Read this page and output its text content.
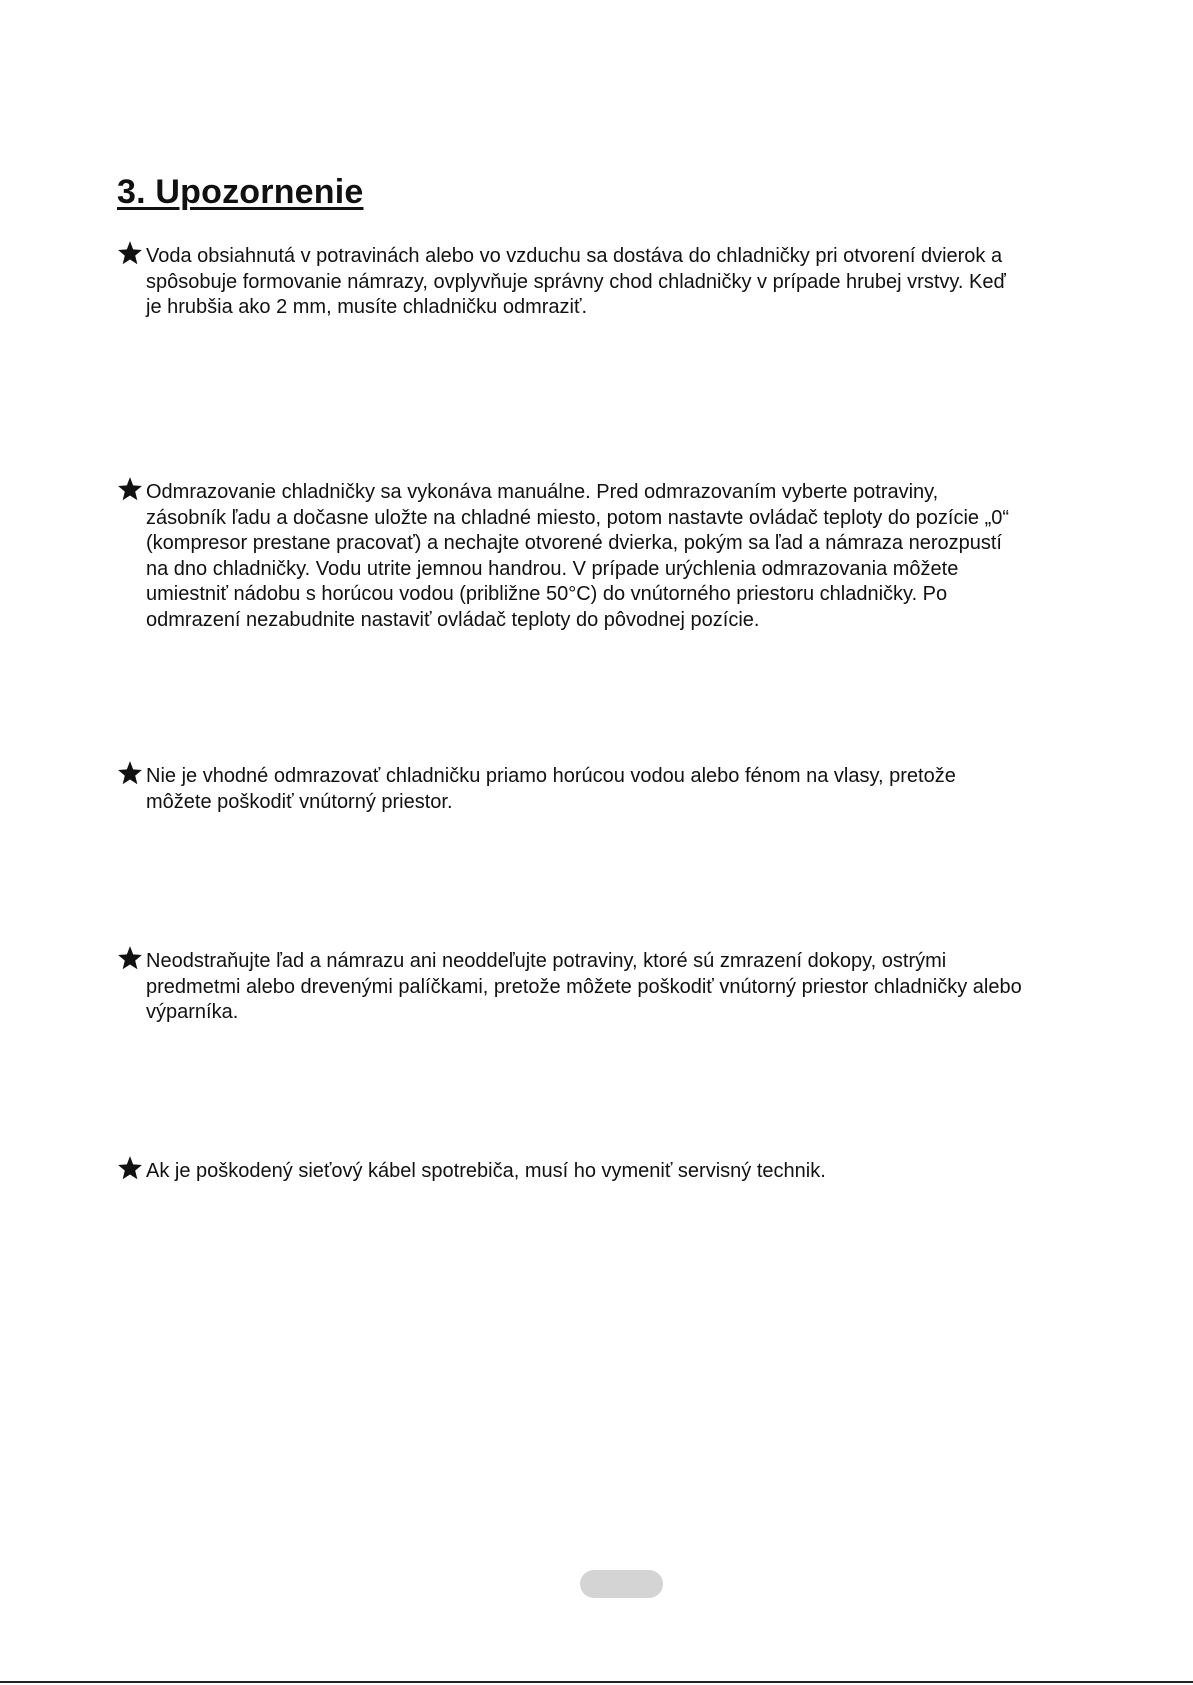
3. Upozornenie
Voda obsiahnutá v potravinách alebo vo vzduchu sa dostáva do chladničky pri otvorení dvierok a
spôsobuje formovanie námrazy, ovplyvňuje správny chod chladničky v prípade hrubej vrstvy. Keď
je hrubšia ako 2 mm, musíte chladničku odmraziť.
Odmrazovanie chladničky sa vykonáva manuálne. Pred odmrazovaním vyberte potraviny,
zásobník ľadu a dočasne uložte na chladné miesto, potom nastavte ovládač teploty do pozície „0“
(kompresor prestane pracovať) a nechajte otvorené dvierka, pokým sa ľad a námraza nerozpustí
na dno chladničky. Vodu utrite jemnou handrou. V prípade urýchlenia odmrazovania môžete
umiestniť nádobu s horúcou vodou (približne 50°C) do vnútorného priestoru chladničky. Po
odmrazení nezabudnite nastaviť ovládač teploty do pôvodnej pozície.
Nie je vhodné odmrazovať chladničku priamo horúcou vodou alebo fénom na vlasy, pretože
môžete poškodiť vnútorný priestor.
Neodstraňujte ľad a námrazu ani neoddeľujte potraviny, ktoré sú zmrazení dokopy, ostrými
predmetmi alebo drevenými palíčkami, pretože môžete poškodiť vnútorný priestor chladničky alebo
výparníka.
Ak je poškodený sieťový kábel spotrebiča, musí ho vymeniť servisný technik.
